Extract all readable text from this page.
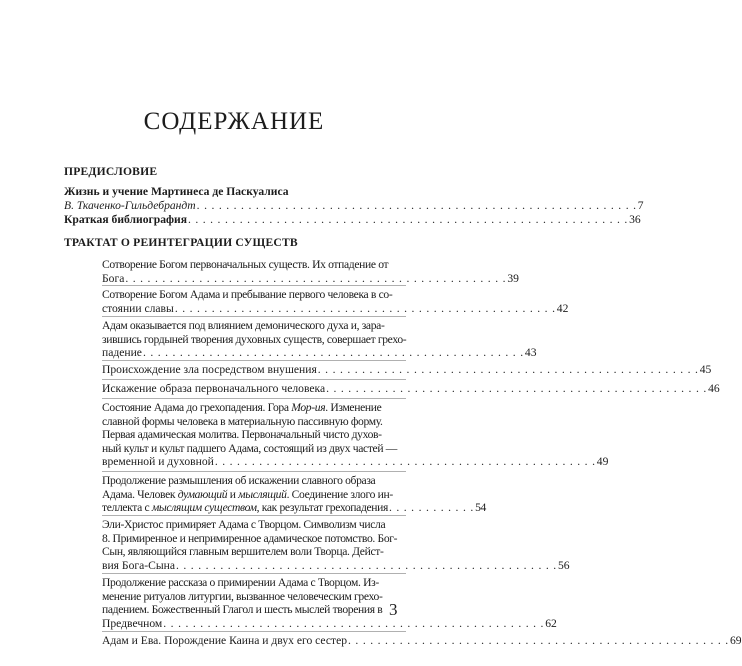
СОДЕРЖАНИЕ
ПРЕДИСЛОВИЕ
Жизнь и учение Мартинеса де Паскуалиса
В. Ткаченко-Гильдебрандт . . . . . . . . . . . . . . . . . . . . . . . . . . . . . . . . . . . . . . . . . . . . . . . . . . . . . . . . . . . . 7
Краткая библиография . . . . . . . . . . . . . . . . . . . . . . . . . . . . . . . . . . . . . . . . . . . . . . . . . . . . . . . . . . . . 36
ТРАКТАТ О РЕИНТЕГРАЦИИ СУЩЕСТВ
Сотворение Богом первоначальных существ. Их отпадение от
Бога . . . . . . . . . . . . . . . . . . . . . . . . . . . . . . . . . . . . . . . . . . . . . . . . . . . . 39
Сотворение Богом Адама и пребывание первого человека в со-
стоянии славы . . . . . . . . . . . . . . . . . . . . . . . . . . . . . . . . . . . . . . . . . . . . . . . . . . . . 42
Адам оказывается под влиянием демонического духа и, зара-
зившись гордыней творения духовных существ, совершает грехо-
падение . . . . . . . . . . . . . . . . . . . . . . . . . . . . . . . . . . . . . . . . . . . . . . . . . . . . 43
Происхождение зла посредством внушения . . . . . . . . . . . . . . . . . . . . . . . . . . . . . . . . . . . . . . . . . . . . . . . . . . . . 45
Искажение образа первоначального человека . . . . . . . . . . . . . . . . . . . . . . . . . . . . . . . . . . . . . . . . . . . . . . . . . . . . 46
Состояние Адама до грехопадения. Гора Мор-ия. Изменение
славной формы человека в материальную пассивную форму.
Первая адамическая молитва. Первоначальный чисто духов-
ный культ и культ падшего Адама, состоящий из двух частей —
временной и духовной . . . . . . . . . . . . . . . . . . . . . . . . . . . . . . . . . . . . . . . . . . . . . . . . . . . . 49
Продолжение размышления об искажении славного образа
Адама. Человек думающий и мыслящий. Соединение злого ин-
теллекта с мыслящим существом, как результат грехопадения . . . . . . . . . . . . 54
Эли-Христос примиряет Адама с Творцом. Символизм числа
8. Примиренное и непримиренное адамическое потомство. Бог-
Сын, являющийся главным вершителем воли Творца. Дейст-
вия Бога-Сына . . . . . . . . . . . . . . . . . . . . . . . . . . . . . . . . . . . . . . . . . . . . . . . . . . . . 56
Продолжение рассказа о примирении Адама с Творцом. Из-
менение ритуалов литургии, вызванное человеческим грехо-
падением. Божественный Глагол и шесть мыслей творения в
Предвечном . . . . . . . . . . . . . . . . . . . . . . . . . . . . . . . . . . . . . . . . . . . . . . . . . . . . 62
Адам и Ева. Порождение Каина и двух его сестер . . . . . . . . . . . . . . . . . . . . . . . . . . . . . . . . . . . . . . . . . . . . . . . . . . . . 69
3
